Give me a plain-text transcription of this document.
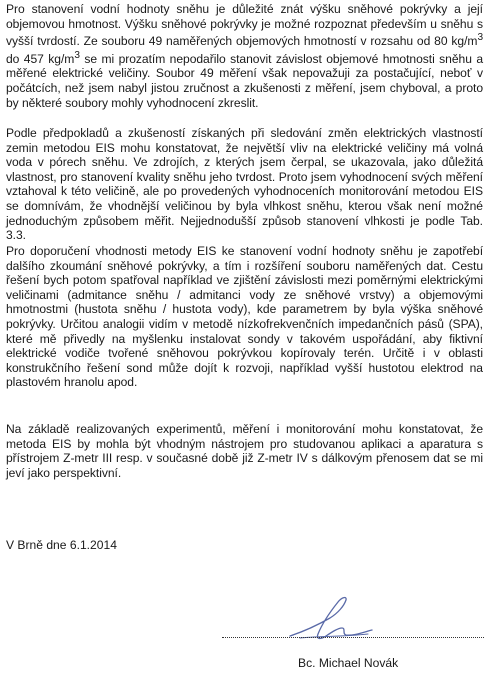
Pro stanovení vodní hodnoty sněhu je důležité znát výšku sněhové pokrývky a její objemovou hmotnost. Výšku sněhové pokrývky je možné rozpoznat především u sněhu s vyšší tvrdostí. Ze souboru 49 naměřených objemových hmotností v rozsahu od 80 $kg/m^3$ do 457 $kg/m^3$ se mi prozatím nepodařilo stanovit závislost objemové hmotnosti sněhu a měřené elektrické veličiny. Soubor 49 měření však nepovažuji za postačující, neboť v počátcích, než jsem nabyl jistou zručnost a zkušenosti z měření, jsem chyboval, a proto by některé soubory mohly vyhodnocení zkreslit.

Podle předpokladů a zkušeností získaných při sledování změn elektrických vlastností zemin metodou EIS mohu konstatovat, že největší vliv na elektrické veličiny má volná voda v pórech sněhu. Ve zdrojích, z kterých jsem čerpal, se ukazovala, jako důležitá vlastnost, pro stanovení kvality sněhu jeho tvrdost. Proto jsem vyhodnocení svých měření vztahoval k této veličině, ale po provedených vyhodnoceních monitorování metodou EIS se domnívám, že vhodnější veličinou by byla vlhkost sněhu, kterou však není možné jednoduchým způsobem měřit. Nejjednodušší způsob stanovení vlhkosti je podle Tab. 3.3.

Pro doporučení vhodnosti metody EIS ke stanovení vodní hodnoty sněhu je zapotřebí dalšího zkoumání sněhové pokrývky, a tím i rozšíření souboru naměřených dat. Cestu řešení bych potom spatřoval například ve zjištění závislosti mezi poměrnými elektrickými veličinami (admitance sněhu / admitanci vody ze sněhové vrstvy) a objemovými hmotnostmi (hustota sněhu / hustota vody), kde parametrem by byla výška sněhové pokrývky. Určitou analogii vidím v metodě nízkofrekvenčních impedančních pásů (SPA), které mě přivedly na myšlenku instalovat sondy v takovém uspořádání, aby fiktivní elektrické vodiče tvořené sněhovou pokrývkou kopírovaly terén. Určitě i v oblasti konstrukčního řešení sond může dojít k rozvoji, například vyšší hustotou elektrod na plastovém hranolu apod.

Na základě realizovaných experimentů, měření i monitorování mohu konstatovat, že metoda EIS by mohla být vhodným nástrojem pro studovanou aplikaci a aparatura s přístrojem Z-metr III resp. v současné době již Z-metr IV s dálkovým přenosem dat se mi jeví jako perspektivní.

V Brně dne 6.1.2014

Bc. Michael Novák
